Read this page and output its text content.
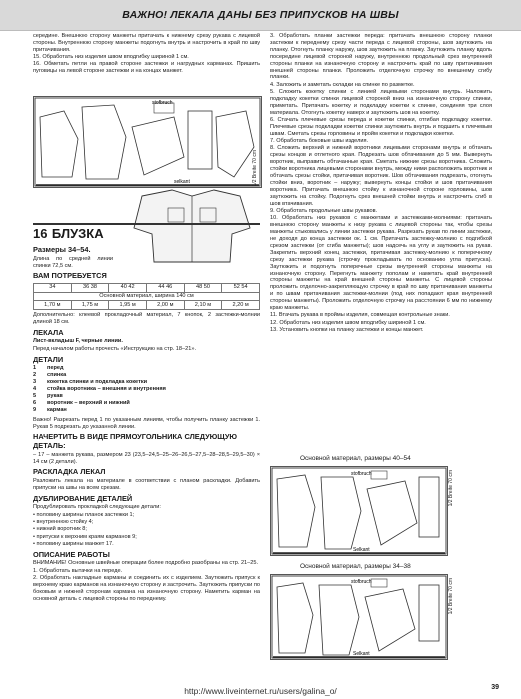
ВАЖНО! ЛЕКАЛА ДАНЫ БЕЗ ПРИПУСКОВ НА ШВЫ

середине. Внешнюю сторону манжеты притачать к нижнему срезу рукава с лицевой стороны. Внутреннюю сторону манжеты подогнуть внутрь и настрочить в край по шву притачивания.

15. Обработать низ изделия швом вподгибку шириной 1 см.

16. Обметать петли на правой стороне застежки и нагрудных карманах. Пришить пуговицы на левой стороне застежки и на концах манжет.

stofbruch
selkant	1/2 Breite 70 cm
16 БЛУЗКА
Размеры 34–54.

Длина по средней линии спинки 72,5 см.

ВАМ ПОТРЕБУЕТСЯ
34	36 38	40 42	44 46	48 50	52 54
Основной материал, ширина 140 см					
1,70 м	1,75 м	1,95 м	2,00 м	2,10 м	2,20 м

Дополнительно: клеевой прокладочный материал, 7 кнопок, 2 застежки-молнии длиной 18 см.

ЛЕКАЛА

Лист-вкладыш F, черные линии.

Перед началом работы прочесть «Инструкцию на стр. 18–21».

ДЕТАЛИ
1	перед
2	спинка
3	кокетка спинки и подкладка кокетки
4	стойка воротника – внешняя и внутренняя
5	рукав
6	воротник – верхний и нижний
9	карман

Важно! Разрезать перед 1 по указанным линиям, чтобы получить планку застежки 1. Рукав 5 подрезать до указанной линии.

НАЧЕРТИТЬ В ВИДЕ ПРЯМОУГОЛЬНИКА СЛЕДУЮЩУЮ ДЕТАЛЬ:

– 17 – манжета рукава, размером 23 (23,5–24,5–25–26–26,5–27,5–28–28,5–29,5–30) × 14 см (2 детали).

РАСКЛАДКА ЛЕКАЛ

Разложить лекала на материале в соответствии с планом раскладки. Добавить припуски на швы на всем срезам.

ДУБЛИРОВАНИЕ ДЕТАЛЕЙ

Продублировать прокладкой следующие детали:

• половину ширины планок застежки 1;

• внутреннюю стойку 4;

• нижний воротник 8;

• притуски к верхним краям карманов 9;

• половину ширины манжет 17.

ОПИСАНИЕ РАБОТЫ

ВНИМАНИЕ! Основные швейные операции более подробно разобраны на стр. 21–25.

1. Обработать вытачки на переде.

2. Обработать накладные карманы и соединить их с изделием. Заутюжить припуск к верхнему краю карманов на изнаночную сторону и застрочить. Заутюжить припуски по боковым и нижней сторонам кармана на изнаночную сторону. Наметить карман на основной деталь с лицевой стороны по переднему.

3. Обработать планки застежки переда: притачать внешнюю сторону планки застежки к переднему срезу части переда с лицевой стороны, шов заутюжить на планку. Отогнуть планку наружу, шов заутюжить на планку. Заутюжить планку вдоль посередине лицевой стороной наружу, внутреннюю продольный срез внутренней стороны планки на изнаночную сторону и настрочить край по шву притачивания внешней стороны планки. Проложить отделочную строчку по внешнему сгибу планки.

4. Заложить и заметать складки на спинке по разметке.

5. Сложить кокетку спинки с линией лицевыми сторонами внутрь. Наложить подкладку кокетки спинки лицевой стороной вниз на изнаночную сторону спинки, приметать. Притачать кокетку и подкладку кокетки к спинке, соединяя три слоя материала. Отогнуть кокетку наверх и заутюжить шов на кокетку.

6. Стачать плечевые срезы переда и кокетки спинки, отгибая подкладку кокетки. Плечевые срезы подкладки кокетки спинки заутюжить внутрь и подшить к плечевым швам. Сметать срезы горловины и пройм кокетки и подкладки кокетки.

7. Обработать боковые швы изделия.

8. Сложить верхний и нижний воротники лицевыми сторонами внутрь и обтачать срезы концов и отлетного края. Подрезать шов обтачивания до 5 мм. Вывернуть воротник, выправить обтачанные края. Сметать нижние срезы воротника. Сложить стойки воротника лицевыми сторонами внутрь, между ними расположить воротник и обтачать срезы стойки, притачивая воротник. Шов обтачивания подрезать, отогнуть стойки вниз, воротник – наружу; вывернуть концы стойки и шов притачивания воротника. Притачать внешнюю стойку к изнаночной стороне горловины, шов заутюжить на стойку. Подогнуть срез внешней стойки внутрь и настрочить сгиб в шов втачивания.

9. Обработать продольные швы рукавов.

10. Обработать низ рукавов с манжетами и застежками-молниями: притачать внешнюю сторону манжеты к низу рукава с лицевой стороны так, чтобы срезы манжеты стыковались у линии застежки рукава. Разрезать рукав по линии застежки, не доходя до конца застежки ок. 1 см. Притачать застежку-молнию с подгибкой срезом застежки (от сгиба манжеты); шов надсечь на углу и заутюжить на рукав. Закрепить верхний конец застежки, притачивая застежку-молнию к поперечному срезу застежки рукава (строчку прокладывать по основанию угла притуска). Заутюжить и подогнуть поперечные срезы внутренней стороны манжеты на изнаночную сторону. Перегнуть манжету пополам и наметать край внутренней стороны манжеты на край внешней стороны манжеты. С лицевой стороны проложить отделочно-закрепляющую строчку в край по шву притачивания манжеты и по швам притачивания застежки-молнии (под них попадают края внутренней стороны манжеты). Проложить отделочную строчку на расстоянии 6 мм по нижнему краю манжеты.

11. Втачать рукава в проймы изделия, совмещая контрольные знаки.

12. Обработать низ изделия швом вподгибку шириной 1 см.

13. Установить кнопки на планку застежки и концы манжет.

Основной материал, размеры 40–54
stofbruch
Selkant
1/2 Breite 70 cm
Основной материал, размеры 34–38
stofbruch
Selkant
1/2 Breite 70 cm
http://www.liveinternet.ru/users/galina_o/	39
